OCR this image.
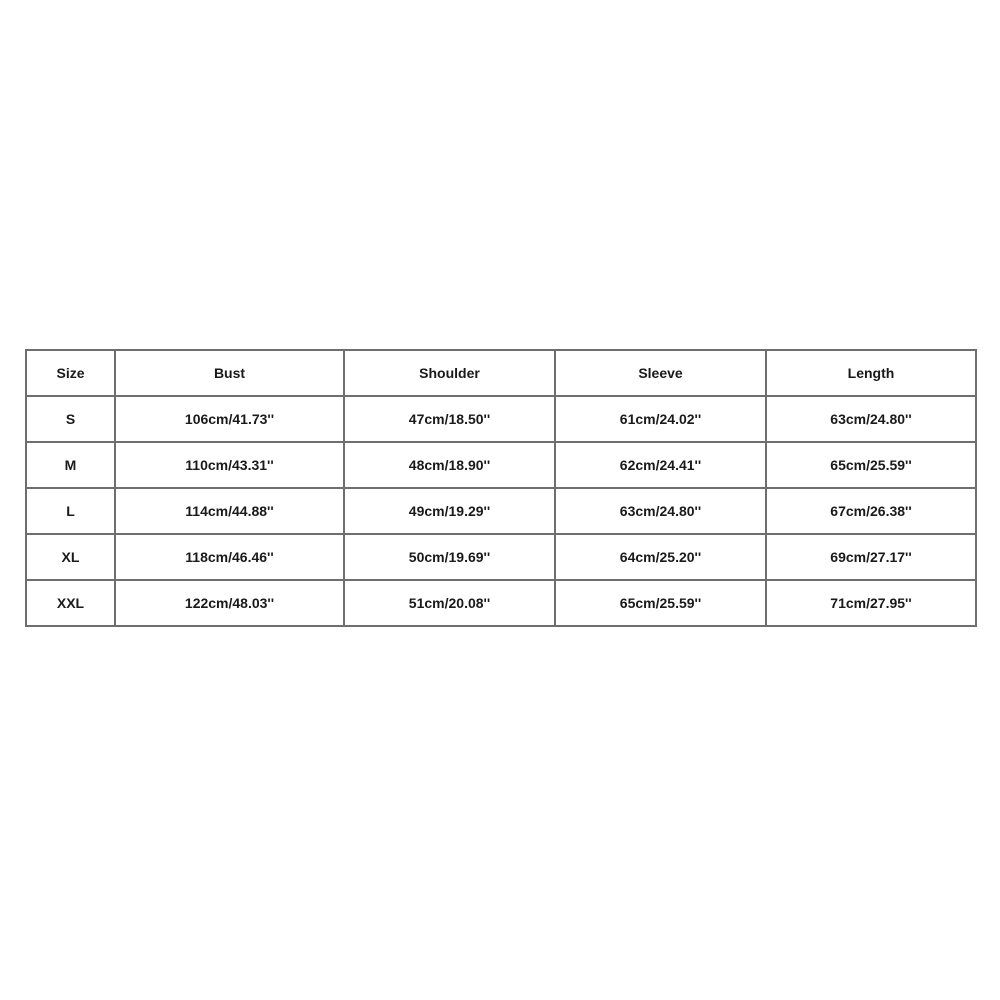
Size	Bust	Shoulder	Sleeve	Length
S	106cm/41.73''	47cm/18.50''	61cm/24.02''	63cm/24.80''
M	110cm/43.31''	48cm/18.90''	62cm/24.41''	65cm/25.59''
L	114cm/44.88''	49cm/19.29''	63cm/24.80''	67cm/26.38''
XL	118cm/46.46''	50cm/19.69''	64cm/25.20''	69cm/27.17''
XXL	122cm/48.03''	51cm/20.08''	65cm/25.59''	71cm/27.95''
